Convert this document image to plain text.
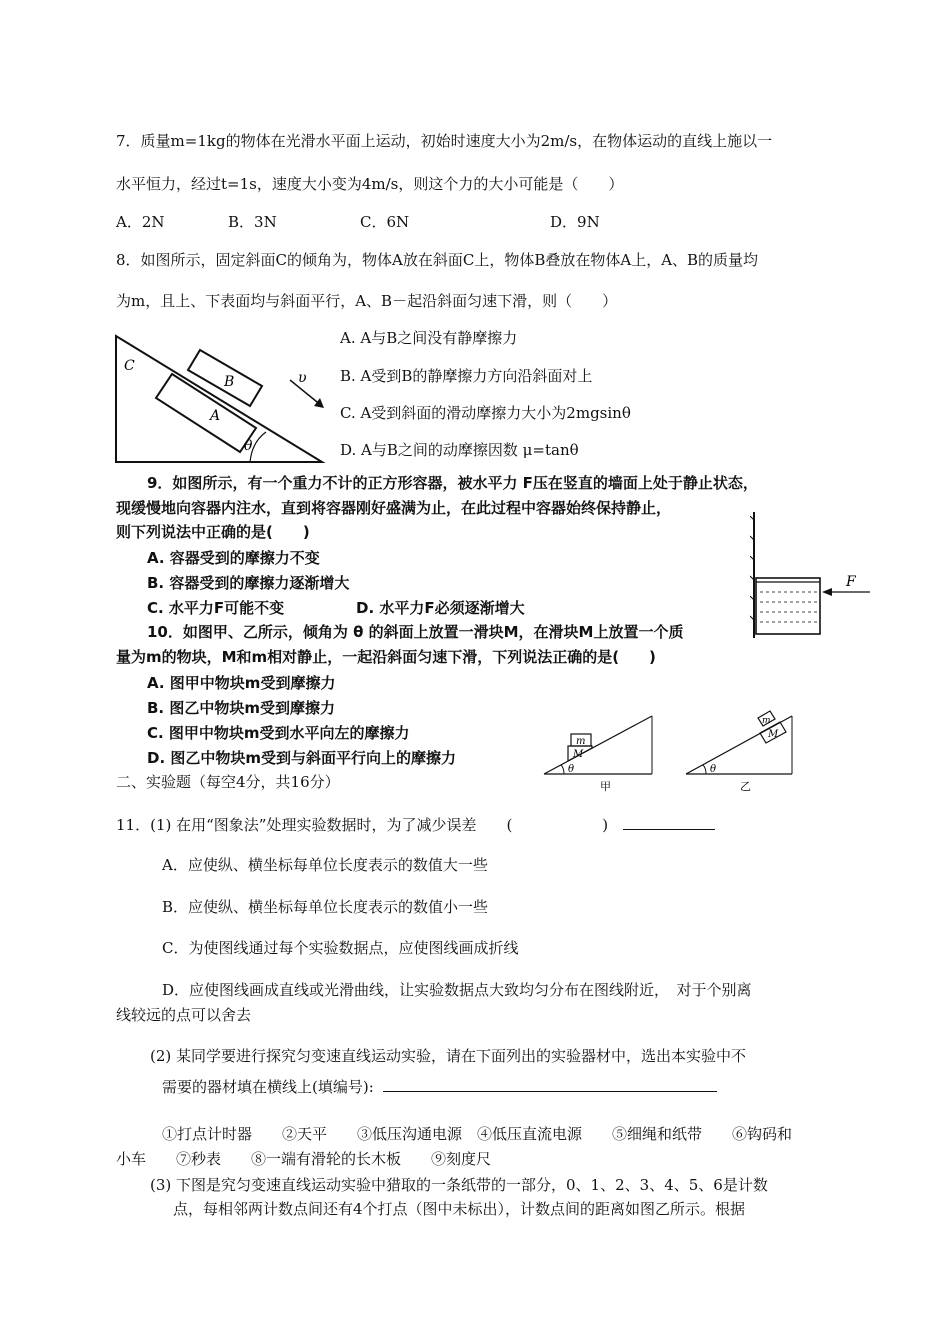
7．质量m=1kg的物体在光滑水平面上运动，初始时速度大小为2m/s，在物体运动的直线上施以一
水平恒力，经过t=1s，速度大小变为4m/s，则这个力的大小可能是（　　）
A．2N	B．3N	C．6N	D．9N
8．如图所示，固定斜面C的倾角为，物体A放在斜面C上，物体B叠放在物体A上，A、B的质量均
为m，且上、下表面均与斜面平行，A、B－起沿斜面匀速下滑，则（　　）
C
A
B	υ
θ
A. A与B之间没有静摩擦力
B. A受到B的静摩擦力方向沿斜面对上
C. A受到斜面的滑动摩擦力大小为2mgsinθ
D. A与B之间的动摩擦因数 μ=tanθ
9．如图所示，有一个重力不计的正方形容器，被水平力 F压在竖直的墙面上处于静止状态，
现缓慢地向容器内注水，直到将容器刚好盛满为止，在此过程中容器始终保持静止，
则下列说法中正确的是(　　)
A. 容器受到的摩擦力不变
B. 容器受到的摩擦力逐渐增大
C. 水平力F可能不变	D. 水平力F必须逐渐增大
F
10．如图甲、乙所示，倾角为 θ 的斜面上放置一滑块M，在滑块M上放置一个质
量为m的物块，M和m相对静止，一起沿斜面匀速下滑，下列说法正确的是(　　)
A. 图甲中物块m受到摩擦力
B. 图乙中物块m受到摩擦力
C. 图甲中物块m受到水平向左的摩擦力
D. 图乙中物块m受到与斜面平行向上的摩擦力
m
M
θ
甲
m
M
θ
乙
二、实验题（每空4分，共16分）
11．(1) 在用“图象法”处理实验数据时，为了减少误差　　(　　　　　　)
A．应使纵、横坐标每单位长度表示的数值大一些
B．应使纵、横坐标每单位长度表示的数值小一些
C．为使图线通过每个实验数据点，应使图线画成折线
D．应使图线画成直线或光滑曲线，让实验数据点大致均匀分布在图线附近，　对于个别离
线较远的点可以舍去
(2) 某同学要进行探究匀变速直线运动实验，请在下面列出的实验器材中，选出本实验中不
需要的器材填在横线上(填编号):
①打点计时器　　②天平　　③低压沟通电源　④低压直流电源　　⑤细绳和纸带　　⑥钩码和
小车　　⑦秒表　　⑧一端有滑轮的长木板　　⑨刻度尺
(3) 下图是究匀变速直线运动实验中猎取的一条纸带的一部分，0、1、2、3、4、5、6是计数
点，每相邻两计数点间还有4个打点（图中未标出），计数点间的距离如图乙所示。根据
